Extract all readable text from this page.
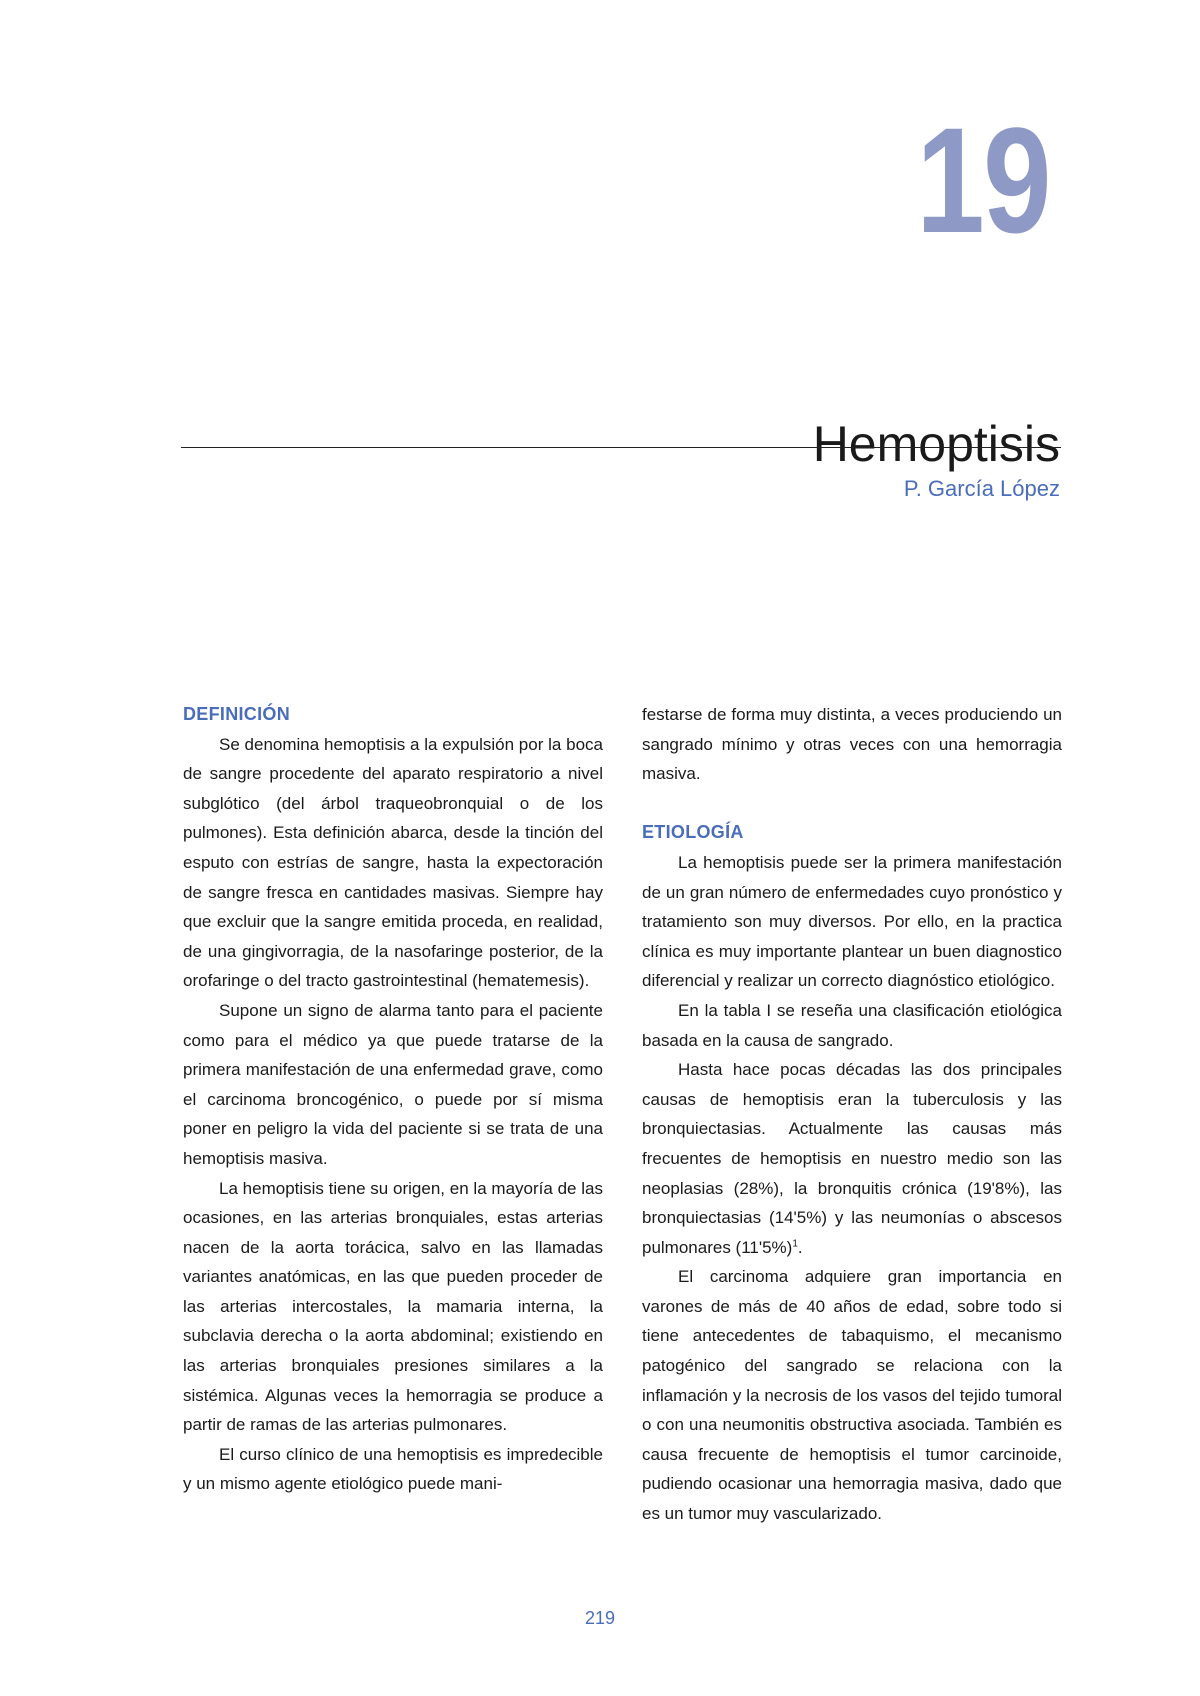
19
Hemoptisis
P. García López
DEFINICIÓN

Se denomina hemoptisis a la expulsión por la boca de sangre procedente del aparato respiratorio a nivel subglótico (del árbol traqueobronquial o de los pulmones). Esta definición abarca, desde la tinción del esputo con estrías de sangre, hasta la expectoración de sangre fresca en cantidades masivas. Siempre hay que excluir que la sangre emitida proceda, en realidad, de una gingivorragia, de la nasofaringe posterior, de la orofaringe o del tracto gastrointestinal (hematemesis).

Supone un signo de alarma tanto para el paciente como para el médico ya que puede tratarse de la primera manifestación de una enfermedad grave, como el carcinoma broncogénico, o puede por sí misma poner en peligro la vida del paciente si se trata de una hemoptisis masiva.

La hemoptisis tiene su origen, en la mayoría de las ocasiones, en las arterias bronquiales, estas arterias nacen de la aorta torácica, salvo en las llamadas variantes anatómicas, en las que pueden proceder de las arterias intercostales, la mamaria interna, la subclavia derecha o la aorta abdominal; existiendo en las arterias bronquiales presiones similares a la sistémica. Algunas veces la hemorragia se produce a partir de ramas de las arterias pulmonares.

El curso clínico de una hemoptisis es impredecible y un mismo agente etiológico puede mani-

festarse de forma muy distinta, a veces produciendo un sangrado mínimo y otras veces con una hemorragia masiva.

ETIOLOGÍA

La hemoptisis puede ser la primera manifestación de un gran número de enfermedades cuyo pronóstico y tratamiento son muy diversos. Por ello, en la practica clínica es muy importante plantear un buen diagnostico diferencial y realizar un correcto diagnóstico etiológico.

En la tabla I se reseña una clasificación etiológica basada en la causa de sangrado.

Hasta hace pocas décadas las dos principales causas de hemoptisis eran la tuberculosis y las bronquiectasias. Actualmente las causas más frecuentes de hemoptisis en nuestro medio son las neoplasias (28%), la bronquitis crónica (19'8%), las bronquiectasias (14'5%) y las neumonías o abscesos pulmonares $(11'5\%)^1$.

El carcinoma adquiere gran importancia en varones de más de 40 años de edad, sobre todo si tiene antecedentes de tabaquismo, el mecanismo patogénico del sangrado se relaciona con la inflamación y la necrosis de los vasos del tejido tumoral o con una neumonitis obstructiva asociada. También es causa frecuente de hemoptisis el tumor carcinoide, pudiendo ocasionar una hemorragia masiva, dado que es un tumor muy vascularizado.

219
